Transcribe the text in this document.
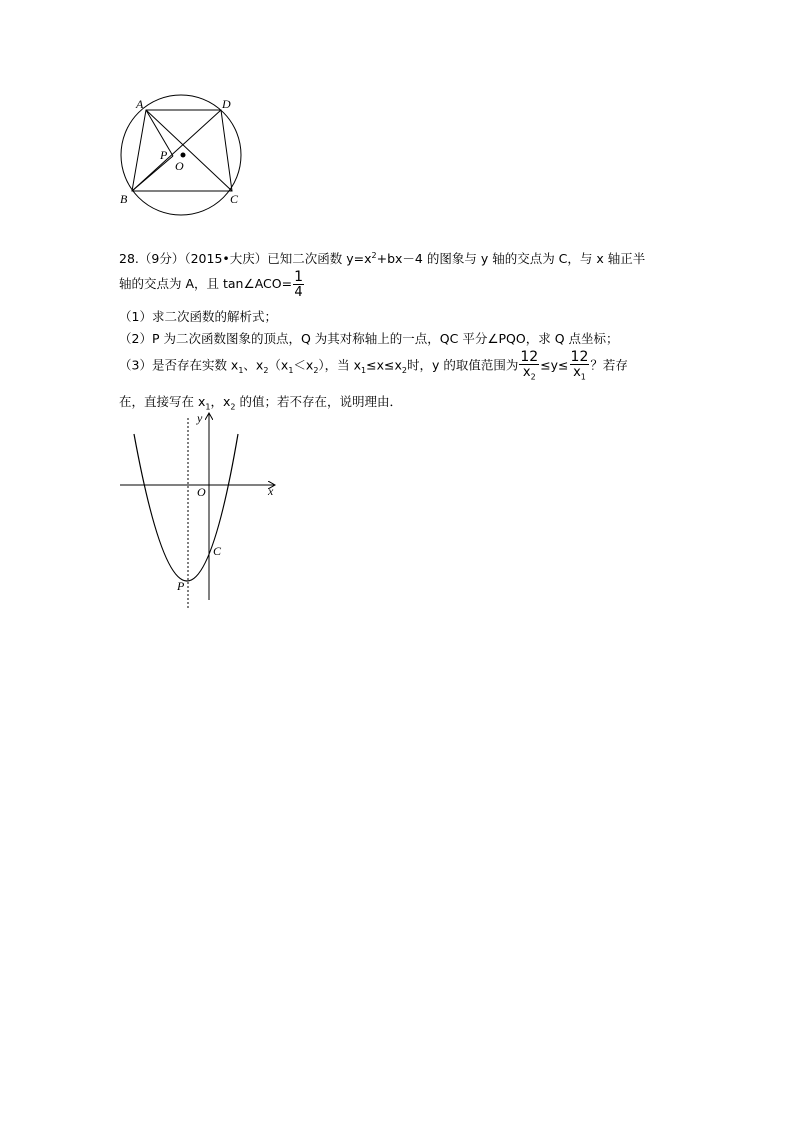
A	D
B	C
P
O
28.（9分）（2015•大庆）已知二次函数 $y=x^2+bx-4$ 的图象与 y 轴的交点为 C，与 x 轴正半
轴的交点为 A，且 tan∠ACO= $\frac{1}{4}$
（1）求二次函数的解析式；
（2）P 为二次函数图象的顶点，Q 为其对称轴上的一点，QC 平分∠PQO，求 Q 点坐标；
（3）是否存在实数 $x_1$、$x_2(x_1<x_2)$，当 $x_1\le x\le x_2$时，y 的取值范围为 $\frac{12}{x_2} \le y\le \frac{12}{x_1}$ ？若存
在，直接写在 $x_1$，$x_2$ 的值；若不存在，说明理由．
y
x
O
C
P
